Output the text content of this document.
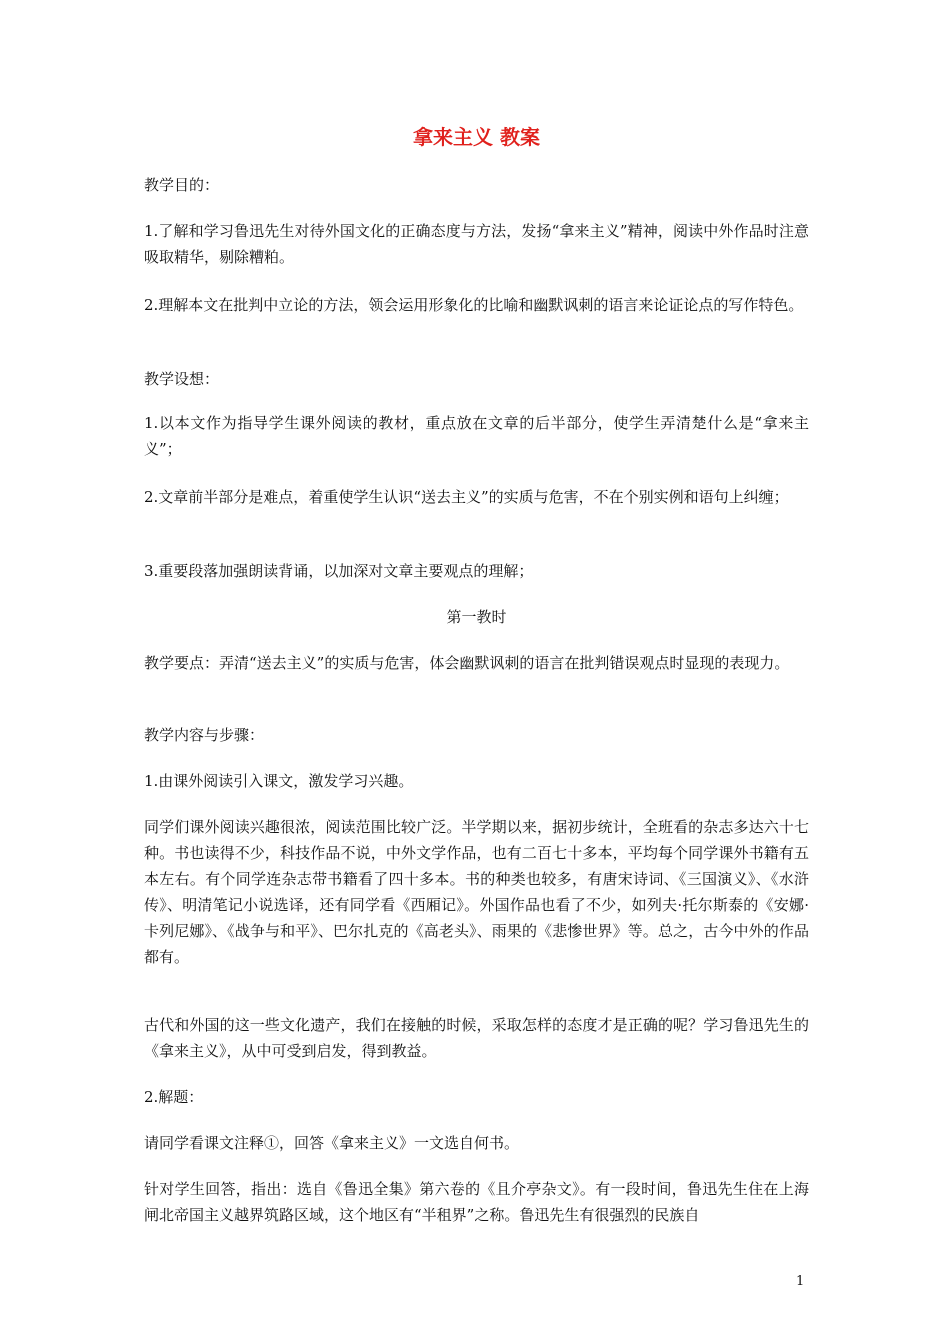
拿来主义 教案

教学目的：

1.了解和学习鲁迅先生对待外国文化的正确态度与方法，发扬“拿来主义”精神，阅读中外作品时注意吸取精华，剔除糟粕。

2.理解本文在批判中立论的方法，领会运用形象化的比喻和幽默讽刺的语言来论证论点的写作特色。

教学设想：

1.以本文作为指导学生课外阅读的教材，重点放在文章的后半部分，使学生弄清楚什么是“拿来主义”；

2.文章前半部分是难点，着重使学生认识“送去主义”的实质与危害，不在个别实例和语句上纠缠；

3.重要段落加强朗读背诵，以加深对文章主要观点的理解；

第一教时

教学要点：弄清“送去主义”的实质与危害，体会幽默讽刺的语言在批判错误观点时显现的表现力。

教学内容与步骤：

1.由课外阅读引入课文，激发学习兴趣。

同学们课外阅读兴趣很浓，阅读范围比较广泛。半学期以来，据初步统计，全班看的杂志多达六十七种。书也读得不少，科技作品不说，中外文学作品，也有二百七十多本，平均每个同学课外书籍有五本左右。有个同学连杂志带书籍看了四十多本。书的种类也较多，有唐宋诗词、《三国演义》、《水浒传》、明清笔记小说选译，还有同学看《西厢记》。外国作品也看了不少，如列夫·托尔斯泰的《安娜·卡列尼娜》、《战争与和平》、巴尔扎克的《高老头》、雨果的《悲惨世界》等。总之，古今中外的作品都有。

古代和外国的这一些文化遗产，我们在接触的时候，采取怎样的态度才是正确的呢？学习鲁迅先生的《拿来主义》，从中可受到启发，得到教益。

2.解题：

请同学看课文注释①，回答《拿来主义》一文选自何书。

针对学生回答，指出：选自《鲁迅全集》第六卷的《且介亭杂文》。有一段时间，鲁迅先生住在上海闸北帝国主义越界筑路区域，这个地区有“半租界”之称。鲁迅先生有很强烈的民族自

1
